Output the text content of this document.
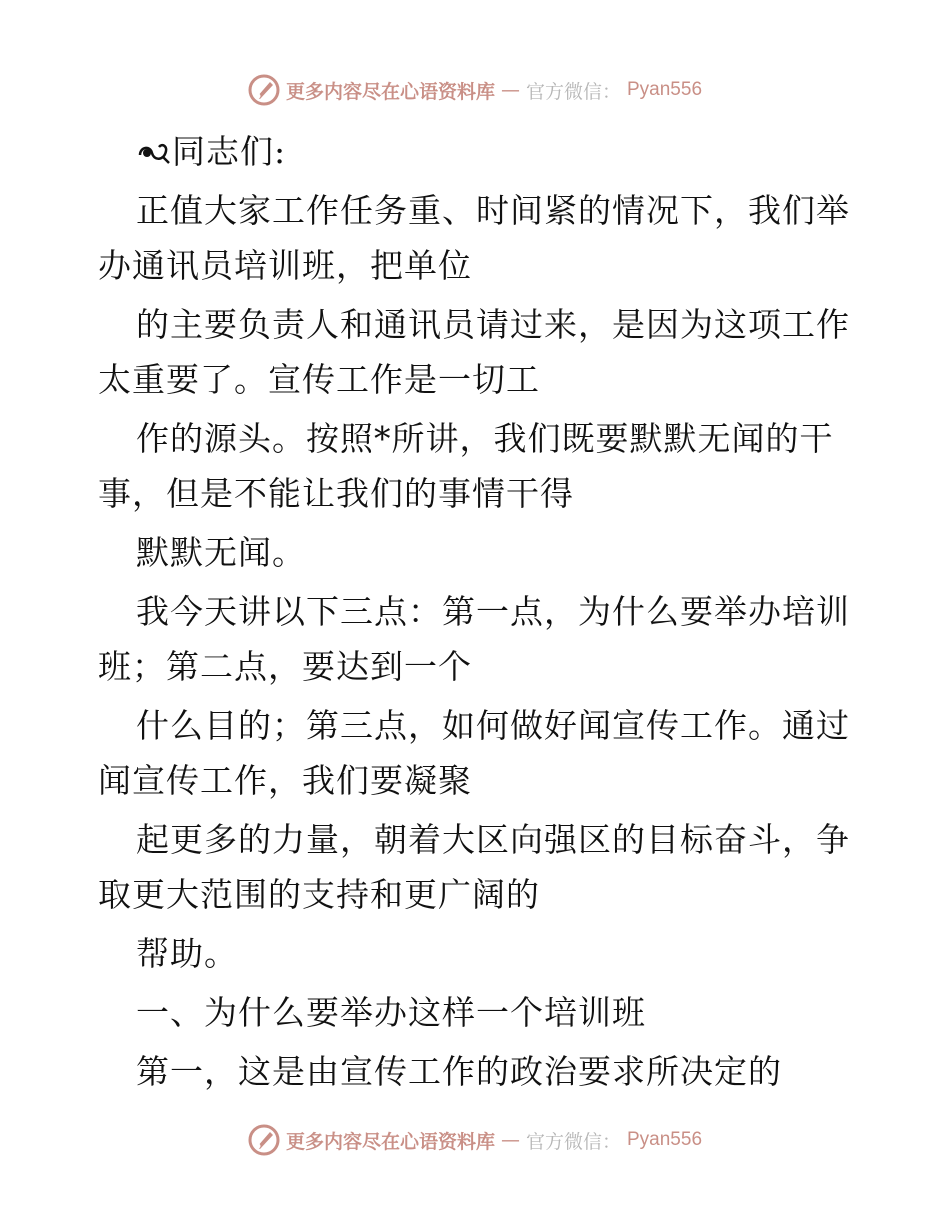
更多内容尽在心语资料库 — 官方微信： Pyan556
同志们:
正值大家工作任务重、时间紧的情况下，我们举
办通讯员培训班，把单位
的主要负责人和通讯员请过来，是因为这项工作
太重要了。宣传工作是一切工
作的源头。按照*所讲，我们既要默默无闻的干
事，但是不能让我们的事情干得
默默无闻。
我今天讲以下三点：第一点，为什么要举办培训
班；第二点，要达到一个
什么目的；第三点，如何做好闻宣传工作。通过
闻宣传工作，我们要凝聚
起更多的力量，朝着大区向强区的目标奋斗，争
取更大范围的支持和更广阔的
帮助。
一、为什么要举办这样一个培训班
第一，这是由宣传工作的政治要求所决定的
更多内容尽在心语资料库 — 官方微信： Pyan556
